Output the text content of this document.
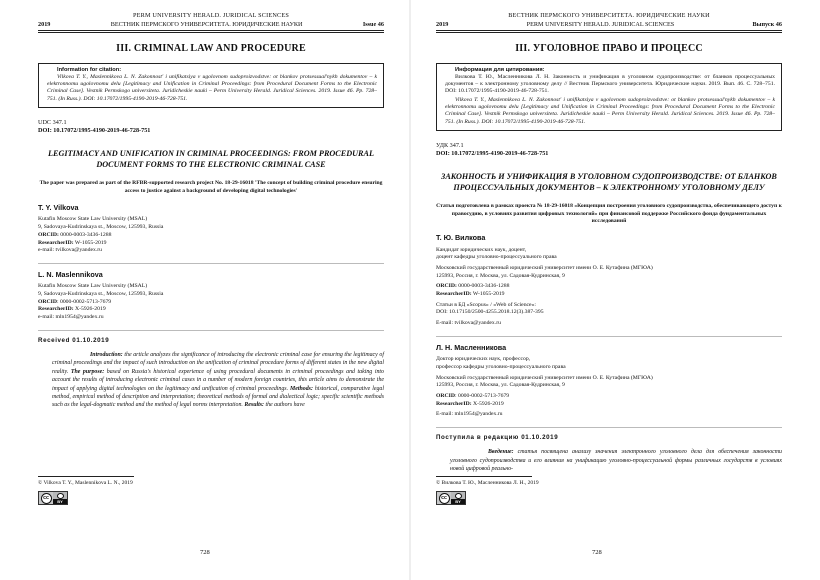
PERM UNIVERSITY HERALD. JURIDICAL SCIENCES
2019	ВЕСТНИК ПЕРМСКОГО УНИВЕРСИТЕТА. ЮРИДИЧЕСКИЕ НАУКИ	Issue 46
III. CRIMINAL LAW AND PROCEDURE
Information for citation:

Vilkova T. Y., Maslennikova L. N. Zakonnost' i unifikatsiya v ugolovnom sudoproizvodstve: ot blankov protsessual'nykh dokumentov – k elektronnomu ugolovnomu delu [Legitimacy and Unification in Criminal Proceedings: from Procedural Document Forms to the Electronic Criminal Case]. Vestnik Permskogo universiteta. Juridicheskie nauki – Perm University Herald. Juridical Sciences. 2019. Issue 46. Pp. 728–751. (In Russ.). DOI: 10.17072/1995-4190-2019-46-728-751.

UDC 347.1
DOI: 10.17072/1995-4190-2019-46-728-751
LEGITIMACY AND UNIFICATION IN CRIMINAL PROCEEDINGS: FROM PROCEDURAL DOCUMENT FORMS TO THE ELECTRONIC CRIMINAL CASE
The paper was prepared as part of the RFBR-supported research project No. 18-29-16018 'The concept of building criminal procedure ensuring access to justice against a background of developing digital technologies'
T. Y. Vilkova
Kutafin Moscow State Law University (MSAL)
9, Sadovaya-Kudrinskaya st., Moscow, 125993, Russia
ORCID: 0000-0003-3436-1288
ResearcherID: W-1055-2019
e-mail: tvilkova@yandex.ru
L. N. Maslennikova
Kutafin Moscow State Law University (MSAL)
9, Sadovaya-Kudrinskaya st., Moscow, 125993, Russia
ORCID: 0000-0002-5713-7679
ResearcherID: X-5926-2019
e-mail: mln1954@yandex.ru
Received 01.10.2019

Introduction: the article analyzes the significance of introducing the electronic criminal case for ensuring the legitimacy of criminal proceedings and the impact of such introduction on the unification of criminal procedure forms of different states in the new digital reality. The purpose: based on Russia's historical experience of using procedural documents in criminal proceedings and taking into account the results of introducing electronic criminal cases in a number of modern foreign countries, this article aims to demonstrate the impact of applying digital technologies on the legitimacy and unification of criminal proceedings. Methods: historical, comparative legal method, empirical method of description and interpretation; theoretical methods of formal and dialectical logic; specific scientific methods such as the legal-dogmatic method and the method of legal norms interpretation. Results: the authors have

© Vilkova T. Y., Maslennikova L. N., 2019
cc
BY
728
ВЕСТНИК ПЕРМСКОГО УНИВЕРСИТЕТА. ЮРИДИЧЕСКИЕ НАУКИ
2019	PERM UNIVERSITY HERALD. JURIDICAL SCIENCES	Выпуск 46
III. УГОЛОВНОЕ ПРАВО И ПРОЦЕСС
Информация для цитирования:

Вилкова Т. Ю., Масленникова Л. Н. Законность и унификация в уголовном судопроизводстве: от бланков процессуальных документов – к электронному уголовному делу // Вестник Пермского университета. Юридические науки. 2019. Вып. 46. C. 728–751. DOI: 10.17072/1995-4190-2019-46-728-751.

Vilkova T. Y., Maslennikova L. N. Zakonnost' i unifikatsiya v ugolovnom sudoproizvodstve: ot blankov protsessual'nykh dokumentov – k elektronnomu ugolovnomu delu [Legitimacy and Unification in Criminal Proceedings: from Procedural Document Forms to the Electronic Criminal Case]. Vestnik Permskogo universiteta. Juridicheskie nauki – Perm University Herald. Juridical Sciences. 2019. Issue 46. Pp. 728–751. (In Russ.). DOI: 10.17072/1995-4190-2019-46-728-751.

УДК 347.1
DOI: 10.17072/1995-4190-2019-46-728-751
ЗАКОННОСТЬ И УНИФИКАЦИЯ В УГОЛОВНОМ СУДОПРОИЗВОДСТВЕ: ОТ БЛАНКОВ ПРОЦЕССУАЛЬНЫХ ДОКУМЕНТОВ – К ЭЛЕКТРОННОМУ УГОЛОВНОМУ ДЕЛУ
Статья подготовлена в рамках проекта № 18-29-16018 «Концепция построения уголовного судопроизводства, обеспечивающего доступ к правосудию, в условиях развития цифровых технологий» при финансовой поддержке Российского фонда фундаментальных исследований
Т. Ю. Вилкова
Кандидат юридических наук, доцент,
доцент кафедры уголовно-процессуального права
Московский государственный юридический университет имени О. Е. Кутафина (МГЮА)
125993, Россия, г. Москва, ул. Садовая-Кудринская, 9
ORCID: 0000-0003-3436-1288
ResearcherID: W-1055-2019
Статьи в БД «Scopus» / «Web of Science»:
DOI: 10.17150/2500-4255.2018.12(3).387-395
E-mail: tvilkova@yandex.ru
Л. Н. Масленникова
Доктор юридических наук, профессор,
профессор кафедры уголовно-процессуального права
Московский государственный юридический университет имени О. Е. Кутафина (МГЮА)
125993, Россия, г. Москва, ул. Садовая-Кудринская, 9
ORCID: 0000-0002-5713-7679
ResearcherID: X-5926-2019
E-mail: mln1954@yandex.ru
Поступила в редакцию 01.10.2019

Введение: статья посвящена анализу значения электронного уголовного дела для обеспечения законности уголовного судопроизводства и его влияния на унификацию уголовно-процессуальной формы различных государств в условиях новой цифровой реально-

© Вилкова Т. Ю., Масленникова Л. Н., 2019
cc
BY
728
